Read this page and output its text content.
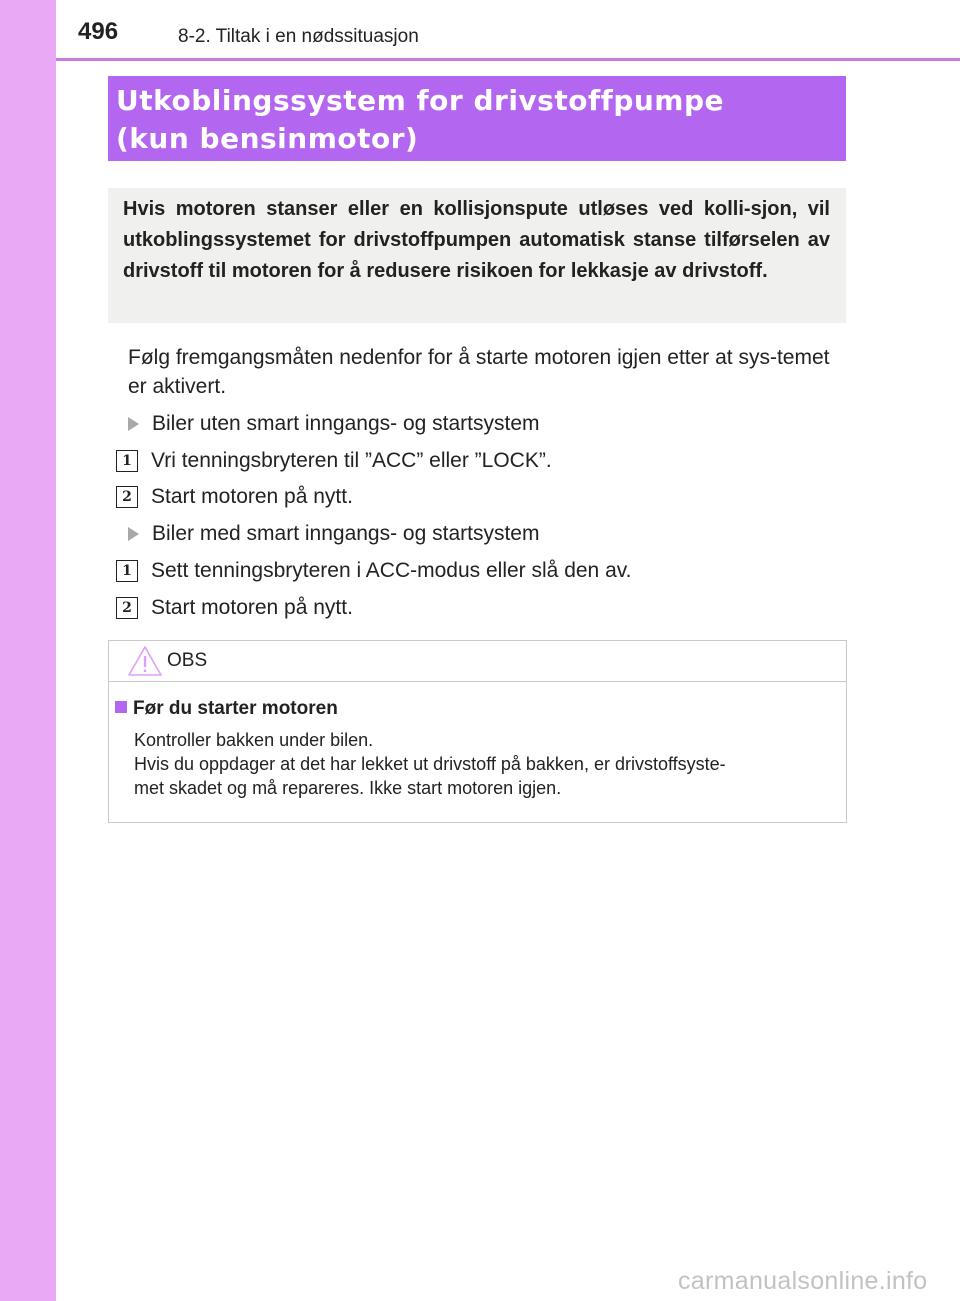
496	8-2. Tiltak i en nødssituasjon
Utkoblingssystem for drivstoffpumpe
(kun bensinmotor)

Hvis motoren stanser eller en kollisjonspute utløses ved kolli-sjon, vil utkoblingssystemet for drivstoffpumpen automatisk stanse tilførselen av drivstoff til motoren for å redusere risikoen for lekkasje av drivstoff.

Følg fremgangsmåten nedenfor for å starte motoren igjen etter at sys-temet er aktivert.

Biler uten smart inngangs- og startsystem
1 Vri tenningsbryteren til ”ACC” eller ”LOCK”.
2 Start motoren på nytt.
Biler med smart inngangs- og startsystem
1 Sett tenningsbryteren i ACC-modus eller slå den av.
2 Start motoren på nytt.
OBS
Før du starter motoren
Kontroller bakken under bilen.
Hvis du oppdager at det har lekket ut drivstoff på bakken, er drivstoffsyste-
met skadet og må repareres. Ikke start motoren igjen.
carmanualsonline.info
